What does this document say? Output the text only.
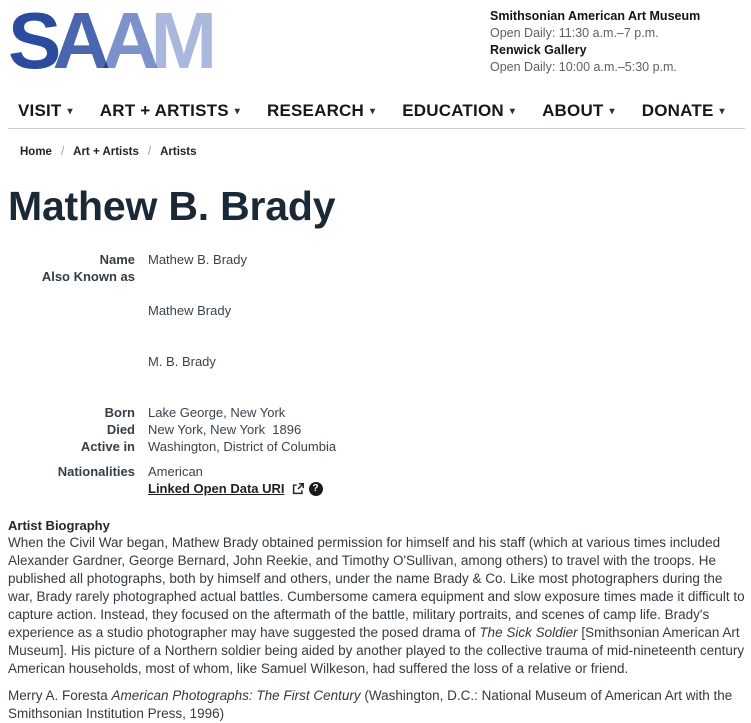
SAAM	Smithsonian American Art Museum
Open Daily: 11:30 a.m.–7 p.m.
Renwick Gallery
Open Daily: 10:00 a.m.–5:30 p.m.
VISIT ▾ ART + ARTISTS ▾ RESEARCH ▾ EDUCATION ▾ ABOUT ▾ DONATE ▾
Home / Art + Artists / Artists
Mathew B. Brady
Name Mathew B. Brady
Also Known as

Mathew Brady

M. B. Brady

Born Lake George, New York
Died New York, New York  1896
Active in Washington, District of Columbia
Nationalities American
Linked Open Data URI	?
Artist Biography

When the Civil War began, Mathew Brady obtained permission for himself and his staff (which at various times included Alexander Gardner, George Bernard, John Reekie, and Timothy O'Sullivan, among others) to travel with the troops. He published all photographs, both by himself and others, under the name Brady & Co. Like most photographers during the war, Brady rarely photographed actual battles. Cumbersome camera equipment and slow exposure times made it difficult to capture action. Instead, they focused on the aftermath of the battle, military portraits, and scenes of camp life. Brady's experience as a studio photographer may have suggested the posed drama of The Sick Soldier [Smithsonian American Art Museum]. His picture of a Northern soldier being aided by another played to the collective trauma of mid-nineteenth century American households, most of whom, like Samuel Wilkeson, had suffered the loss of a relative or friend.

Merry A. Foresta American Photographs: The First Century (Washington, D.C.: National Museum of American Art with the Smithsonian Institution Press, 1996)
